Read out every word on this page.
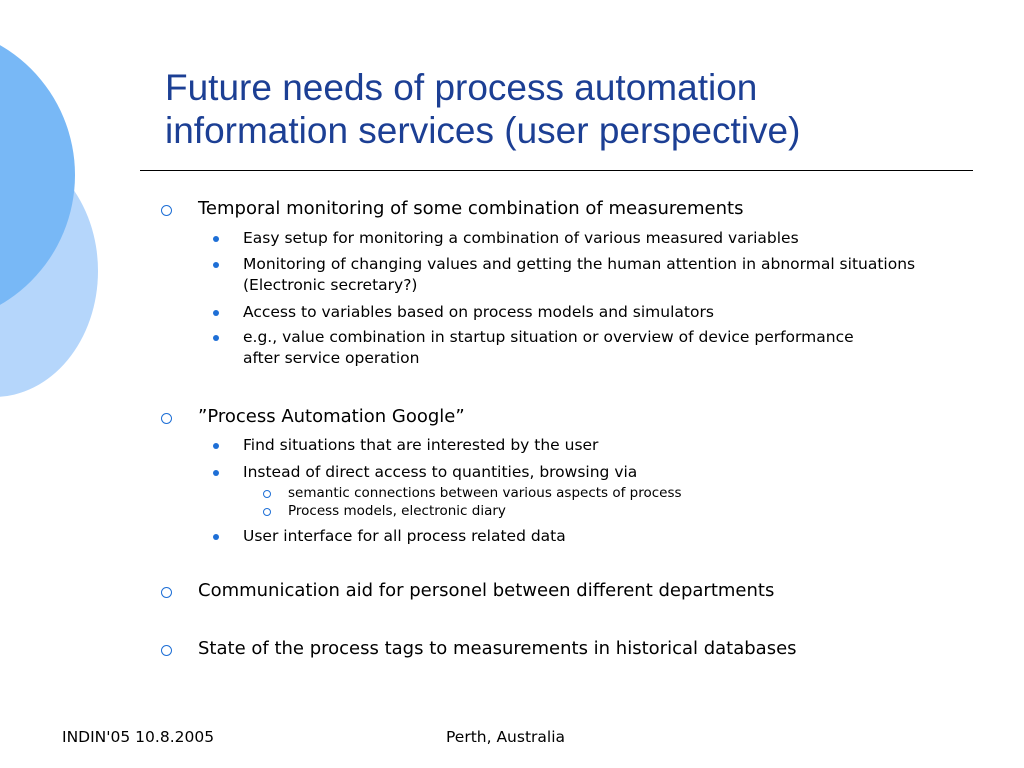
Future needs of process automation
information services (user perspective)
Temporal monitoring of some combination of measurements
Easy setup for monitoring a combination of various measured variables
Monitoring of changing values and getting the human attention in abnormal situations (Electronic secretary?)
Access to variables based on process models and simulators
e.g., value combination in startup situation or overview of device performance after service operation
”Process Automation Google”
Find situations that are interested by the user
Instead of direct access to quantities, browsing via
semantic connections between various aspects of process
Process models, electronic diary
User interface for all process related data
Communication aid for personel between different departments
State of the process tags to measurements in historical databases
INDIN'05 10.8.2005	Perth, Australia
